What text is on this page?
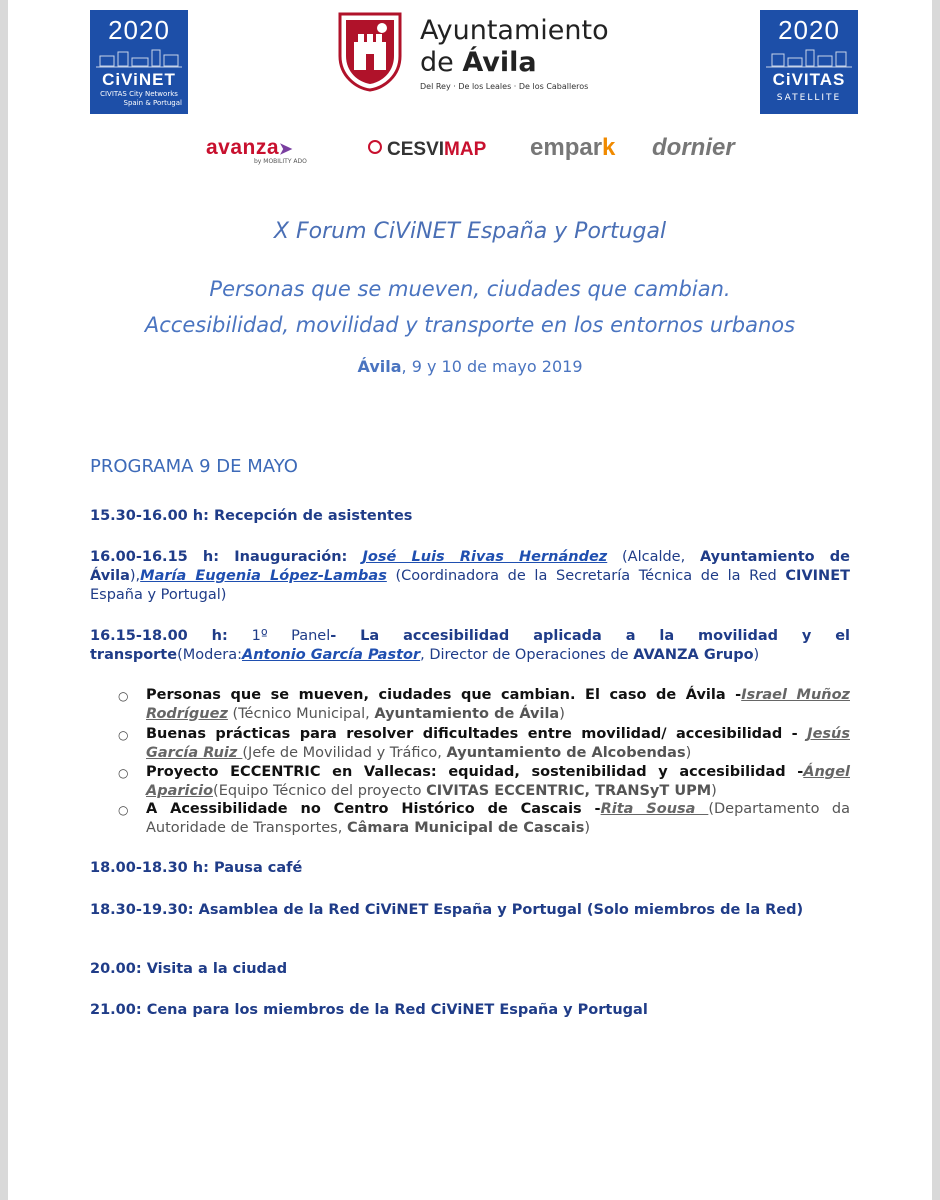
2020
CiViNET
CIVITAS City Networks
Spain & Portugal
Ayuntamiento
de Ávila
Del Rey · De los Leales · De los Caballeros
2020
CiVITAS
SATELLITE
avanza➤
by MOBILITY ADO
CESVIMAP empark dornier
X Forum CiViNET España y Portugal
Personas que se mueven, ciudades que cambian.
Accesibilidad, movilidad y transporte en los entornos urbanos
Ávila, 9 y 10 de mayo 2019
PROGRAMA 9 DE MAYO
15.30-16.00 h: Recepción de asistentes
16.00-16.15 h: Inauguración: José Luis Rivas Hernández (Alcalde, Ayuntamiento de Ávila),María Eugenia López-Lambas (Coordinadora de la Secretaría Técnica de la Red CIVINET España y Portugal)
16.15-18.00 h: 1º Panel- La accesibilidad aplicada a la movilidad y el transporte(Modera:Antonio García Pastor, Director de Operaciones de AVANZA Grupo)
○ Personas que se mueven, ciudades que cambian. El caso de Ávila -Israel Muñoz Rodríguez (Técnico Municipal, Ayuntamiento de Ávila)
○ Buenas prácticas para resolver dificultades entre movilidad/ accesibilidad - Jesús García Ruiz (Jefe de Movilidad y Tráfico, Ayuntamiento de Alcobendas)
○ Proyecto ECCENTRIC en Vallecas: equidad, sostenibilidad y accesibilidad -Ángel Aparicio(Equipo Técnico del proyecto CIVITAS ECCENTRIC, TRANSyT UPM)
○ A Acessibilidade no Centro Histórico de Cascais -Rita Sousa (Departamento da Autoridade de Transportes, Câmara Municipal de Cascais)
18.00-18.30 h: Pausa café
18.30-19.30: Asamblea de la Red CiViNET España y Portugal (Solo miembros de la Red)
20.00: Visita a la ciudad
21.00: Cena para los miembros de la Red CiViNET España y Portugal
